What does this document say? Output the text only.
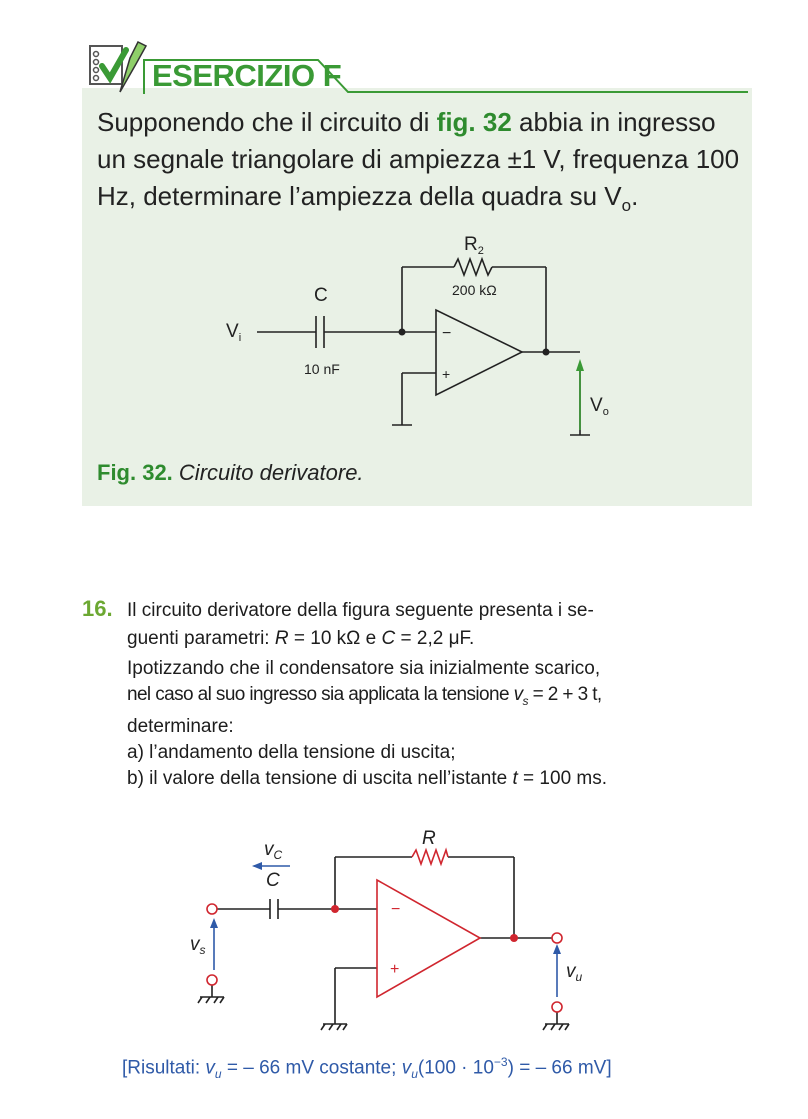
ESERCIZIO F
Supponendo che il circuito di fig. 32 abbia in ingresso un segnale triangolare di ampiezza ±1 V, frequenza 100 Hz, determinare l’ampiezza della quadra su $V_o$.
$V_i$
C
10 nF
$R_2$
200 kΩ
$V_o$
−
+
Fig. 32. Circuito derivatore.
16. Il circuito derivatore della figura seguente presenta i se-
guenti parametri: R = 10 kΩ e C = 2,2 μF.
Ipotizzando che il condensatore sia inizialmente scarico,
nel caso al suo ingresso sia applicata la tensione $v_s = 2 + 3$ t,
determinare:
a) l’andamento della tensione di uscita;
b) il valore della tensione di uscita nell’istante t = 100 ms.
R
C
$v_C$
$v_s$
$v_u$
−
+
[Risultati: $v_u$ = – 66 mV costante; $v_u(100 \cdot 10^{-3})$ = – 66 mV]
